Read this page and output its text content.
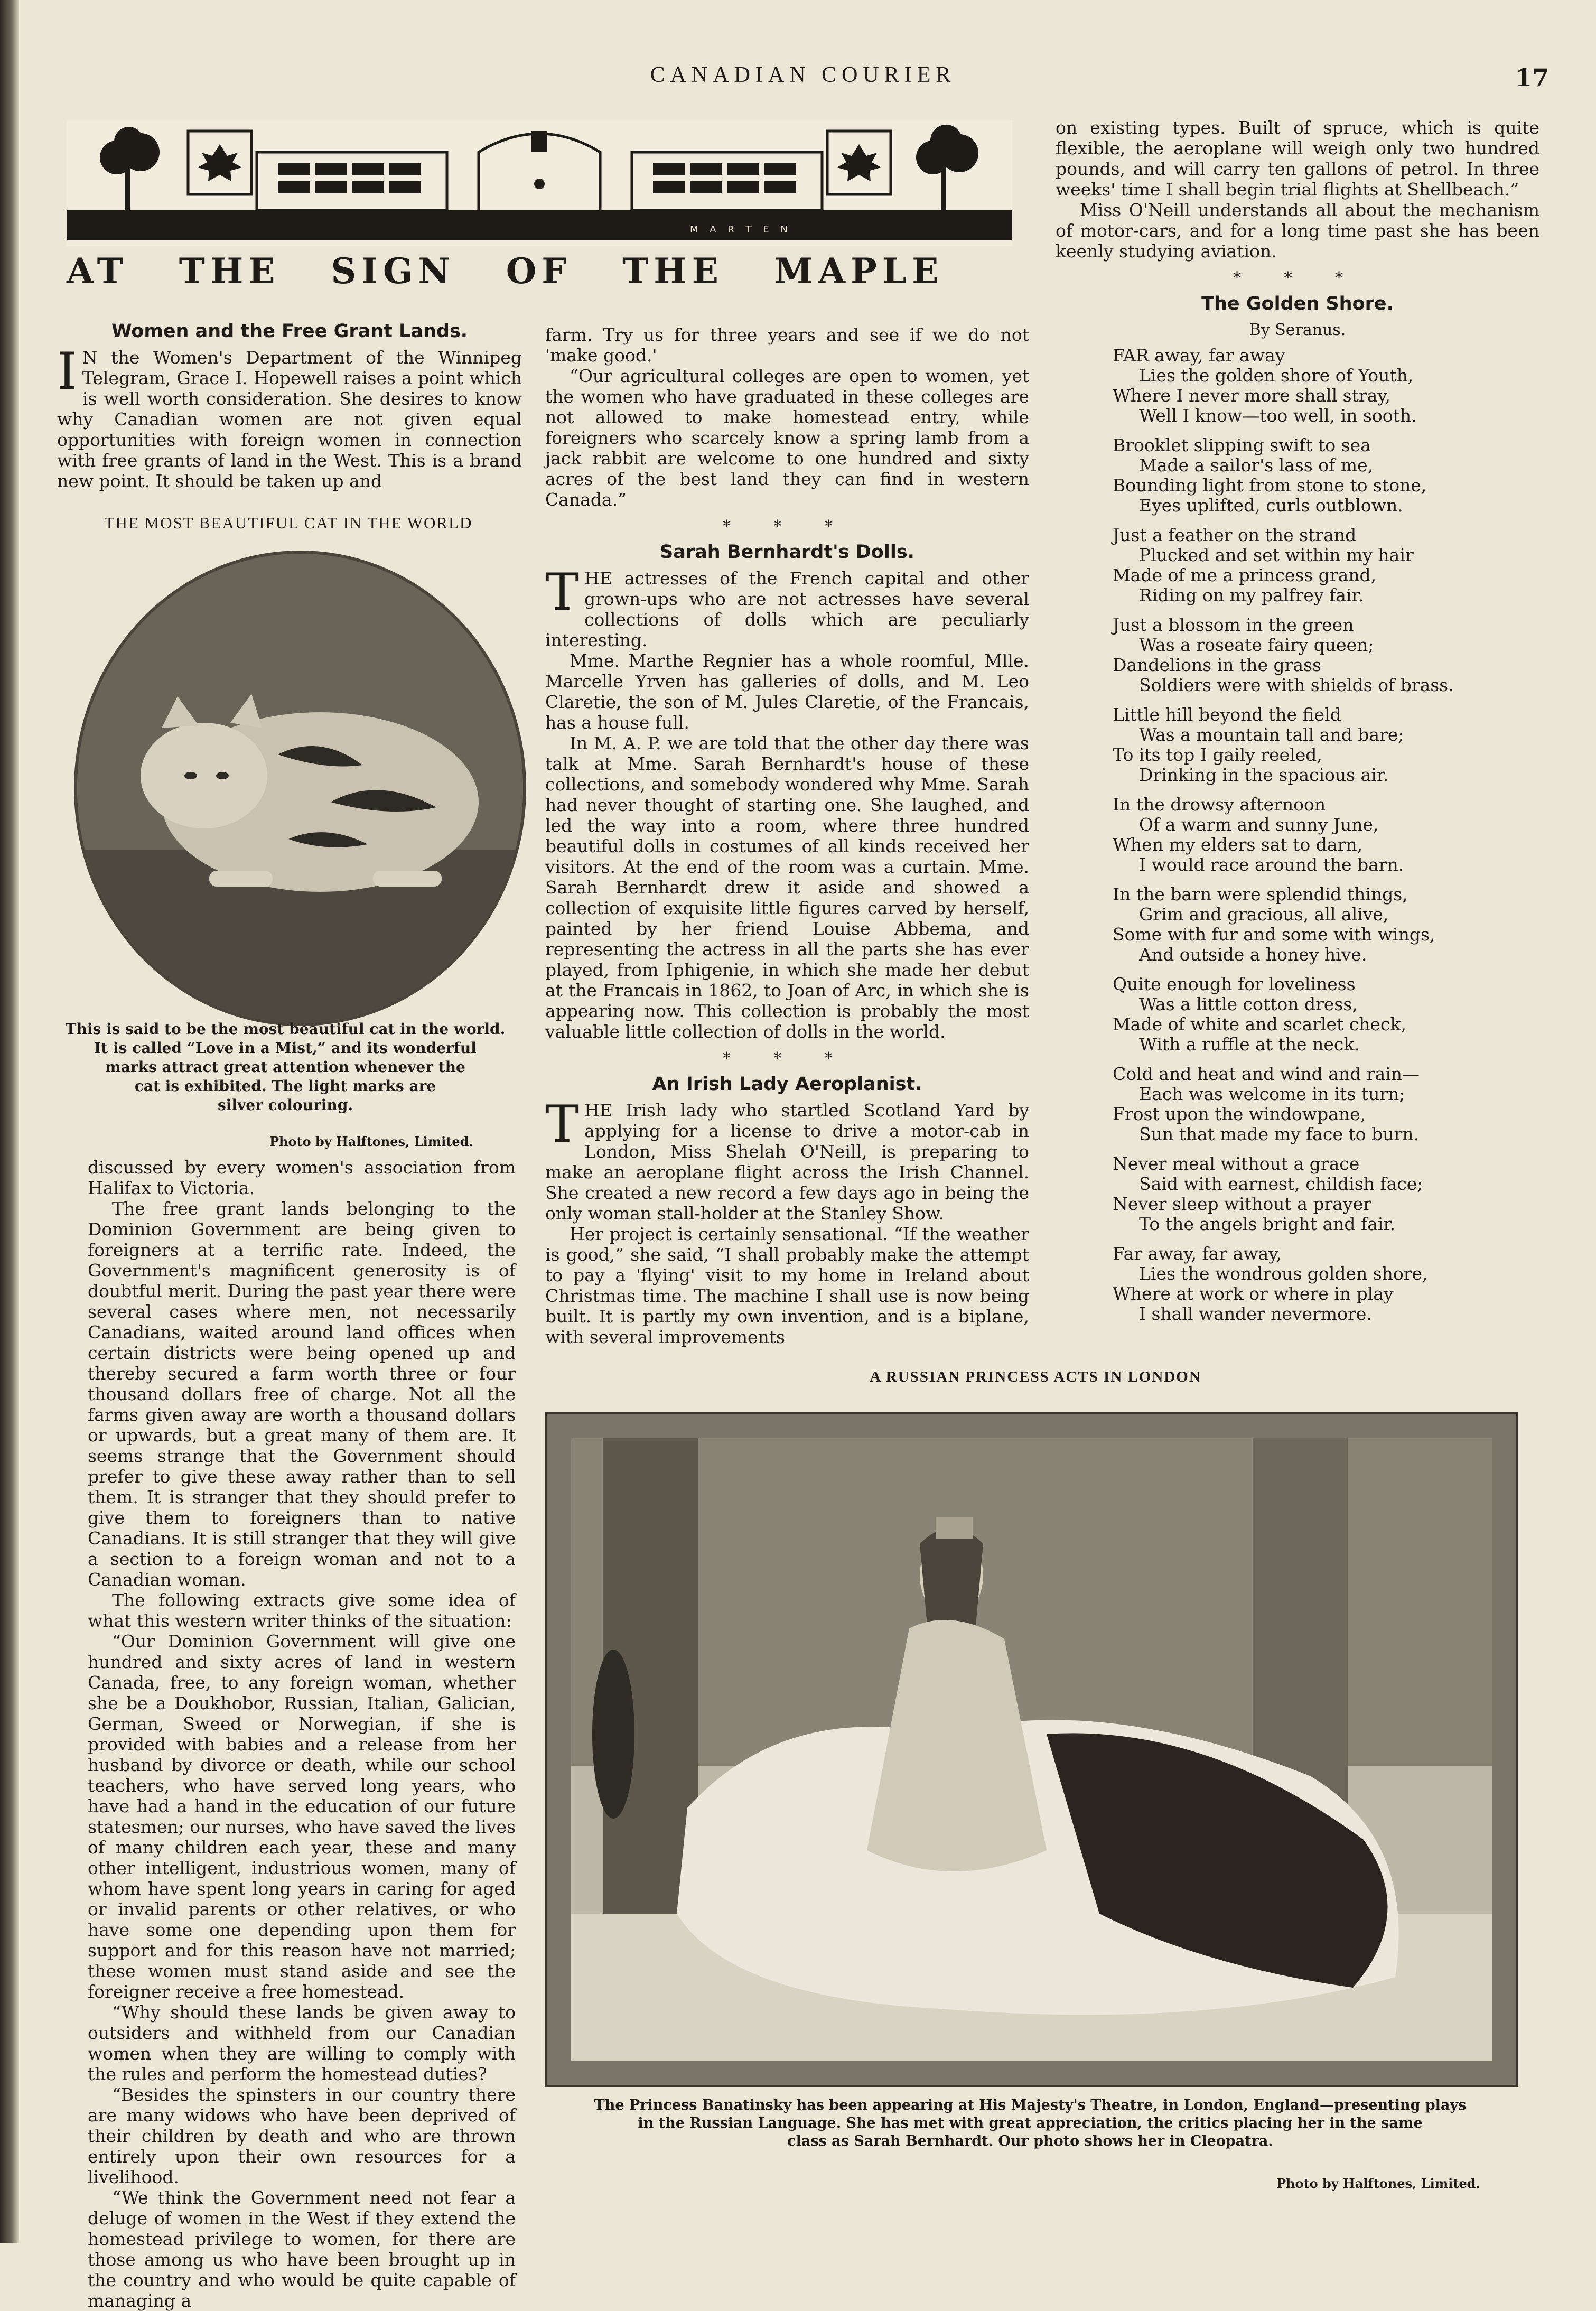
CANADIAN COURIER	17
M A R T E N
AT THE SIGN OF THE MAPLE
Women and the Free Grant Lands.

I N the Women's Department of the Winnipeg Telegram, Grace I. Hopewell raises a point which is well worth consideration. She desires to know why Canadian women are not given equal opportunities with foreign women in connection with free grants of land in the West. This is a brand new point. It should be taken up and

THE MOST BEAUTIFUL CAT IN THE WORLD
This is said to be the most beautiful cat in the world.
It is called “Love in a Mist,” and its wonderful
marks attract great attention whenever the
cat is exhibited. The light marks are
silver colouring.
Photo by Halftones, Limited.

discussed by every women's association from Halifax to Victoria.

The free grant lands belonging to the Dominion Government are being given to foreigners at a terrific rate. Indeed, the Government's magnificent generosity is of doubtful merit. During the past year there were several cases where men, not necessarily Canadians, waited around land offices when certain districts were being opened up and thereby secured a farm worth three or four thousand dollars free of charge. Not all the farms given away are worth a thousand dollars or upwards, but a great many of them are. It seems strange that the Government should prefer to give these away rather than to sell them. It is stranger that they should prefer to give them to foreigners than to native Canadians. It is still stranger that they will give a section to a foreign woman and not to a Canadian woman.

The following extracts give some idea of what this western writer thinks of the situation:

“Our Dominion Government will give one hundred and sixty acres of land in western Canada, free, to any foreign woman, whether she be a Doukhobor, Russian, Italian, Galician, German, Sweed or Norwegian, if she is provided with babies and a release from her husband by divorce or death, while our school teachers, who have served long years, who have had a hand in the education of our future statesmen; our nurses, who have saved the lives of many children each year, these and many other intelligent, industrious women, many of whom have spent long years in caring for aged or invalid parents or other relatives, or who have some one depending upon them for support and for this reason have not married; these women must stand aside and see the foreigner receive a free homestead.

“Why should these lands be given away to outsiders and withheld from our Canadian women when they are willing to comply with the rules and perform the homestead duties?

“Besides the spinsters in our country there are many widows who have been deprived of their children by death and who are thrown entirely upon their own resources for a livelihood.

“We think the Government need not fear a deluge of women in the West if they extend the homestead privilege to women, for there are those among us who have been brought up in the country and who would be quite capable of managing a

farm. Try us for three years and see if we do not 'make good.'

“Our agricultural colleges are open to women, yet the women who have graduated in these colleges are not allowed to make homestead entry, while foreigners who scarcely know a spring lamb from a jack rabbit are welcome to one hundred and sixty acres of the best land they can find in western Canada.”

* * *
Sarah Bernhardt's Dolls.

THE actresses of the French capital and other grown-ups who are not actresses have several collections of dolls which are peculiarly interesting.

Mme. Marthe Regnier has a whole roomful, Mlle. Marcelle Yrven has galleries of dolls, and M. Leo Claretie, the son of M. Jules Claretie, of the Francais, has a house full.

In M. A. P. we are told that the other day there was talk at Mme. Sarah Bernhardt's house of these collections, and somebody wondered why Mme. Sarah had never thought of starting one. She laughed, and led the way into a room, where three hundred beautiful dolls in costumes of all kinds received her visitors. At the end of the room was a curtain. Mme. Sarah Bernhardt drew it aside and showed a collection of exquisite little figures carved by herself, painted by her friend Louise Abbema, and representing the actress in all the parts she has ever played, from Iphigenie, in which she made her debut at the Francais in 1862, to Joan of Arc, in which she is appearing now. This collection is probably the most valuable little collection of dolls in the world.

* * *
An Irish Lady Aeroplanist.

THE Irish lady who startled Scotland Yard by applying for a license to drive a motor-cab in London, Miss Shelah O'Neill, is preparing to make an aeroplane flight across the Irish Channel. She created a new record a few days ago in being the only woman stall-holder at the Stanley Show.

Her project is certainly sensational. “If the weather is good,” she said, “I shall probably make the attempt to pay a 'flying' visit to my home in Ireland about Christmas time. The machine I shall use is now being built. It is partly my own invention, and is a biplane, with several improvements

on existing types. Built of spruce, which is quite flexible, the aeroplane will weigh only two hundred pounds, and will carry ten gallons of petrol. In three weeks' time I shall begin trial flights at Shellbeach.”

Miss O'Neill understands all about the mechanism of motor-cars, and for a long time past she has been keenly studying aviation.

* * *
The Golden Shore.
By Seranus.
FAR away, far away
Lies the golden shore of Youth,
Where I never more shall stray,
Well I know—too well, in sooth.
Brooklet slipping swift to sea
Made a sailor's lass of me,
Bounding light from stone to stone,
Eyes uplifted, curls outblown.
Just a feather on the strand
Plucked and set within my hair
Made of me a princess grand,
Riding on my palfrey fair.
Just a blossom in the green
Was a roseate fairy queen;
Dandelions in the grass
Soldiers were with shields of brass.
Little hill beyond the field
Was a mountain tall and bare;
To its top I gaily reeled,
Drinking in the spacious air.
In the drowsy afternoon
Of a warm and sunny June,
When my elders sat to darn,
I would race around the barn.
In the barn were splendid things,
Grim and gracious, all alive,
Some with fur and some with wings,
And outside a honey hive.
Quite enough for loveliness
Was a little cotton dress,
Made of white and scarlet check,
With a ruffle at the neck.
Cold and heat and wind and rain—
Each was welcome in its turn;
Frost upon the windowpane,
Sun that made my face to burn.
Never meal without a grace
Said with earnest, childish face;
Never sleep without a prayer
To the angels bright and fair.
Far away, far away,
Lies the wondrous golden shore,
Where at work or where in play
I shall wander nevermore.
A RUSSIAN PRINCESS ACTS IN LONDON
The Princess Banatinsky has been appearing at His Majesty's Theatre, in London, England—presenting plays
in the Russian Language. She has met with great appreciation, the critics placing her in the same
class as Sarah Bernhardt. Our photo shows her in Cleopatra.
Photo by Halftones, Limited.
